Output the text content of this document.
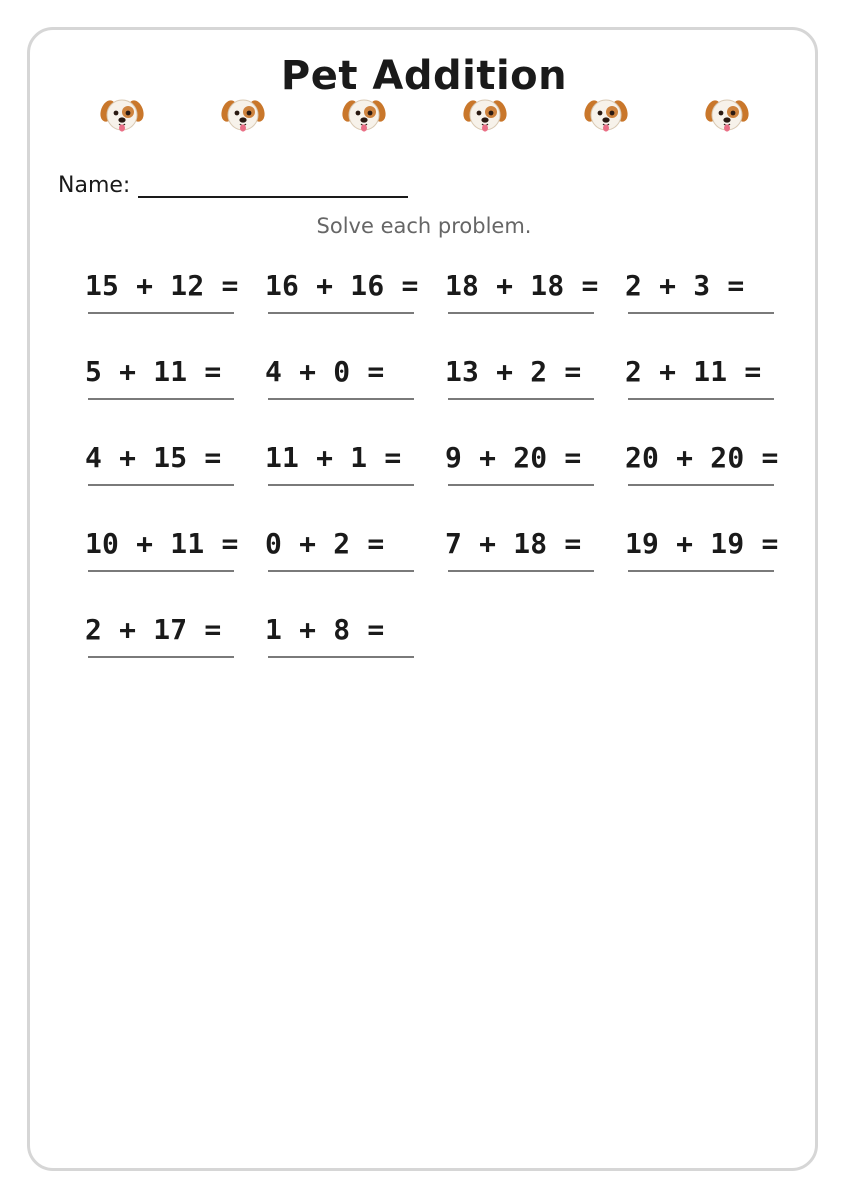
Pet Addition
Name:
Solve each problem.
15 + 12 = 16 + 16 = 18 + 18 = 2 + 3 =
5 + 11 = 4 + 0 = 13 + 2 = 2 + 11 =
4 + 15 = 11 + 1 = 9 + 20 = 20 + 20 =
10 + 11 = 0 + 2 = 7 + 18 = 19 + 19 =
2 + 17 = 1 + 8 =
